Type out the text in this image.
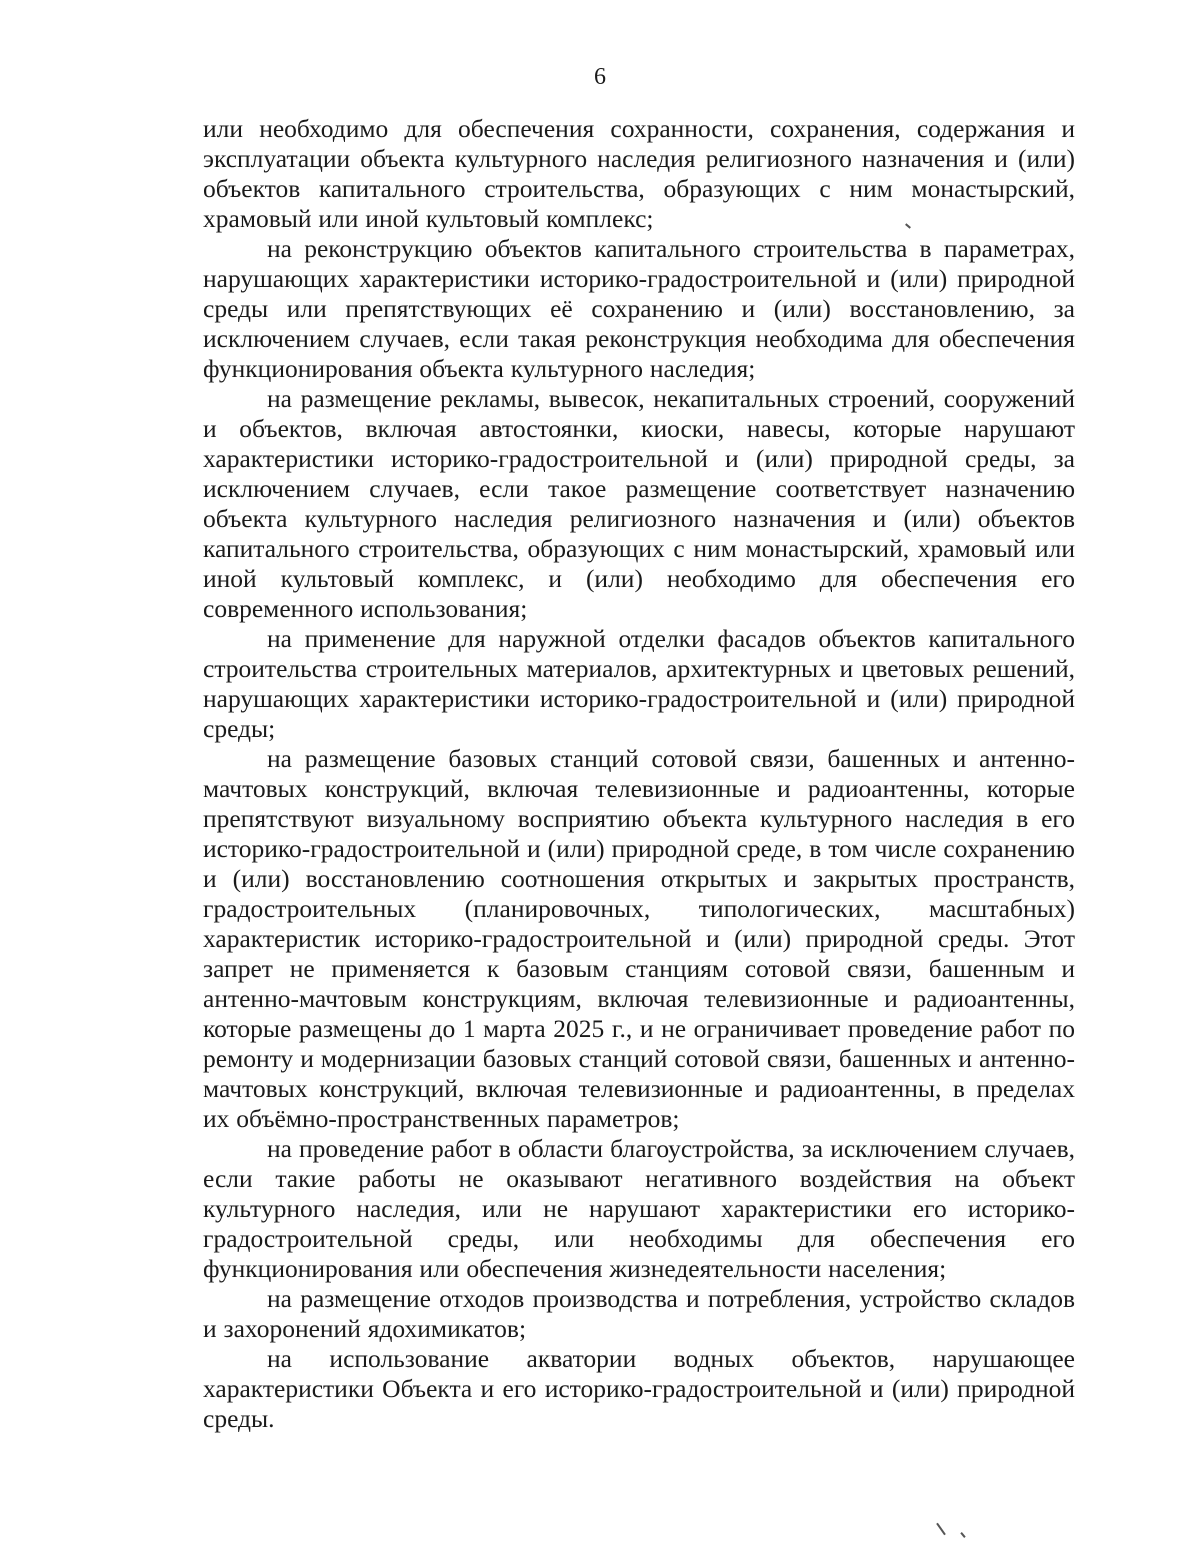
6

или необходимо для обеспечения сохранности, сохранения, содержания и эксплуатации объекта культурного наследия религиозного назначения и (или) объектов капитального строительства, образующих с ним монастырский, храмовый или иной культовый комплекс;

на реконструкцию объектов капитального строительства в параметрах, нарушающих характеристики историко-градостроительной и (или) природной среды или препятствующих её сохранению и (или) восстановлению, за исключением случаев, если такая реконструкция необходима для обеспечения функционирования объекта культурного наследия;

на размещение рекламы, вывесок, некапитальных строений, сооружений и объектов, включая автостоянки, киоски, навесы, которые нарушают характеристики историко-градостроительной и (или) природной среды, за исключением случаев, если такое размещение соответствует назначению объекта культурного наследия религиозного назначения и (или) объектов капитального строительства, образующих с ним монастырский, храмовый или иной культовый комплекс, и (или) необходимо для обеспечения его современного использования;

на применение для наружной отделки фасадов объектов капитального строительства строительных материалов, архитектурных и цветовых решений, нарушающих характеристики историко-градостроительной и (или) природной среды;

на размещение базовых станций сотовой связи, башенных и антенно-мачтовых конструкций, включая телевизионные и радиоантенны, которые препятствуют визуальному восприятию объекта культурного наследия в его историко-градостроительной и (или) природной среде, в том числе сохранению и (или) восстановлению соотношения открытых и закрытых пространств, градостроительных (планировочных, типологических, масштабных) характеристик историко-градостроительной и (или) природной среды. Этот запрет не применяется к базовым станциям сотовой связи, башенным и антенно-мачтовым конструкциям, включая телевизионные и радиоантенны, которые размещены до 1 марта 2025 г., и не ограничивает проведение работ по ремонту и модернизации базовых станций сотовой связи, башенных и антенно-мачтовых конструкций, включая телевизионные и радиоантенны, в пределах их объёмно-пространственных параметров;

на проведение работ в области благоустройства, за исключением случаев, если такие работы не оказывают негативного воздействия на объект культурного наследия, или не нарушают характеристики его историко-градостроительной среды, или необходимы для обеспечения его функционирования или обеспечения жизнедеятельности населения;

на размещение отходов производства и потребления, устройство складов и захоронений ядохимикатов;

на использование акватории водных объектов, нарушающее характеристики Объекта и его историко-градостроительной и (или) природной среды.
